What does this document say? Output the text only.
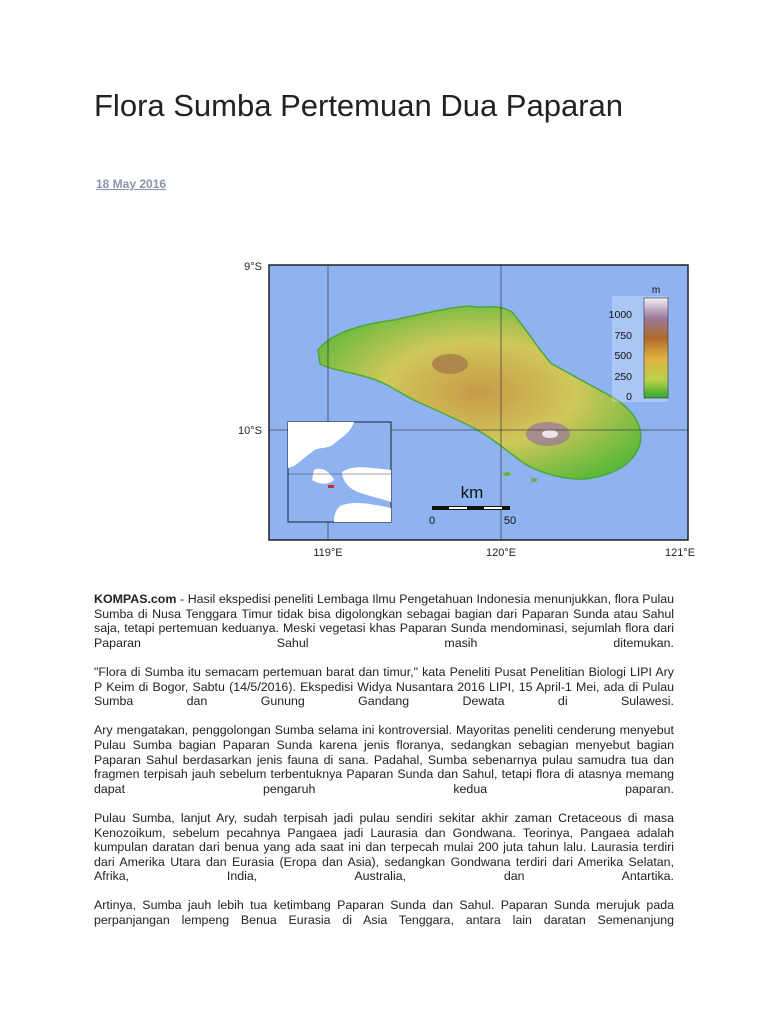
Flora Sumba Pertemuan Dua Paparan
18 May 2016
9°S
10°S
119°E	120°E	121°E
m
1000
750
500
250
0
km
0	50

KOMPAS.com - Hasil ekspedisi peneliti Lembaga Ilmu Pengetahuan Indonesia menunjukkan, flora Pulau Sumba di Nusa Tenggara Timur tidak bisa digolongkan sebagai bagian dari Paparan Sunda atau Sahul saja, tetapi pertemuan keduanya. Meski vegetasi khas Paparan Sunda mendominasi, sejumlah flora dari Paparan Sahul masih ditemukan.

"Flora di Sumba itu semacam pertemuan barat dan timur," kata Peneliti Pusat Penelitian Biologi LIPI Ary P Keim di Bogor, Sabtu (14/5/2016). Ekspedisi Widya Nusantara 2016 LIPI, 15 April-1 Mei, ada di Pulau Sumba dan Gunung Gandang Dewata di Sulawesi.

Ary mengatakan, penggolongan Sumba selama ini kontroversial. Mayoritas peneliti cenderung menyebut Pulau Sumba bagian Paparan Sunda karena jenis floranya, sedangkan sebagian menyebut bagian Paparan Sahul berdasarkan jenis fauna di sana. Padahal, Sumba sebenarnya pulau samudra tua dan fragmen terpisah jauh sebelum terbentuknya Paparan Sunda dan Sahul, tetapi flora di atasnya memang dapat pengaruh kedua paparan.

Pulau Sumba, lanjut Ary, sudah terpisah jadi pulau sendiri sekitar akhir zaman Cretaceous di masa Kenozoikum, sebelum pecahnya Pangaea jadi Laurasia dan Gondwana. Teorinya, Pangaea adalah kumpulan daratan dari benua yang ada saat ini dan terpecah mulai 200 juta tahun lalu. Laurasia terdiri dari Amerika Utara dan Eurasia (Eropa dan Asia), sedangkan Gondwana terdiri dari Amerika Selatan, Afrika, India, Australia, dan Antartika.

Artinya, Sumba jauh lebih tua ketimbang Paparan Sunda dan Sahul. Paparan Sunda merujuk pada perpanjangan lempeng Benua Eurasia di Asia Tenggara, antara lain daratan Semenanjung
